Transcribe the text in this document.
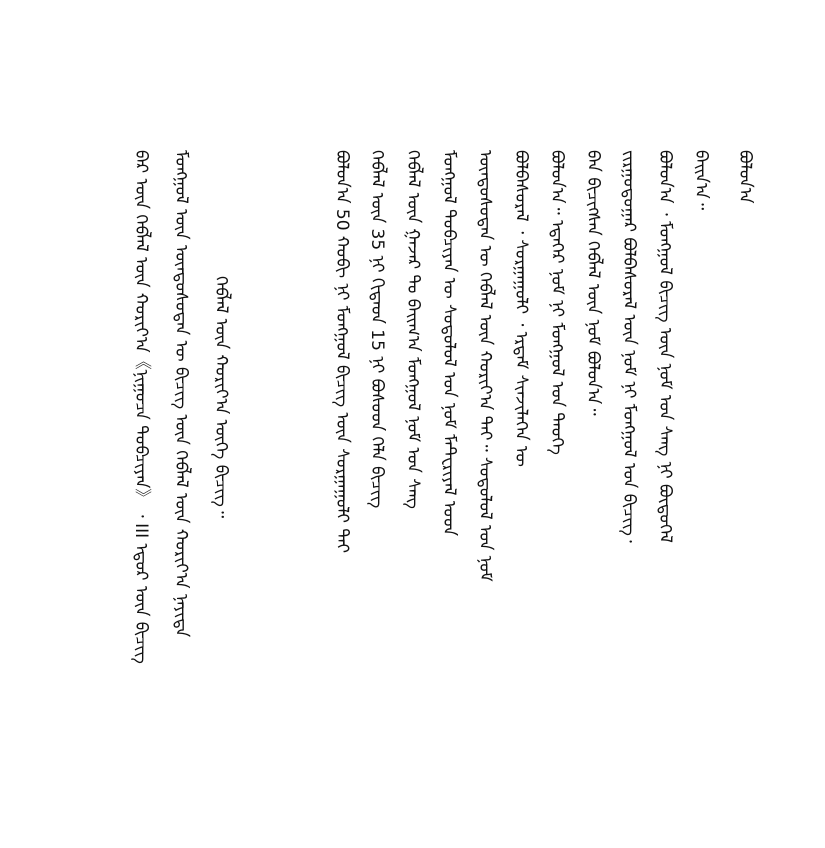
ᠪᠠᠷ ᠦᠨ ᠬᠡᠪᠯᠡᠯ ᠦᠨ ᠬᠤᠷᠢᠶ᠎ᠠ《ᠨᠢᠭᠤᠴᠠ ᠲᠣᠪᠴᠢᠶᠠᠨ》 ᠂ III ᠡᠳᠦᠷ ᠦᠨ ᠪᠢᠴᠢᠭ ᠮᠣᠩᠭᠣᠯ ᠦᠨ ᠦᠨᠳᠦᠰᠦᠲᠡᠨ ᠦ ᠪᠢᠴᠢᠭ ᠦᠨ ᠬᠡᠪᠯᠡᠯ ᠦᠨ ᠬᠣᠷᠢᠶ᠎ᠠ ᠨᠡᠶᠢᠲᠡ ᠬᠡᠪᠯᠡᠯ ᠦᠨ ᠬᠣᠷᠢᠶ᠎ᠠ ᠦᠭᠡ ᠪᠢᠴᠢᠭ᠃	ᠪᠣᠯᠤᠨ᠎ᠠ 50 ᠬᠤᠪᠢ ᠨᠢ ᠮᠣᠩᠭᠣᠯ ᠪᠢᠴᠢᠭ ᠦᠨ ᠰᠤᠷᠭᠠᠭᠤᠯᠢ ᠲᠠᠢ ᠬᠡᠪᠯᠡᠯ ᠦᠨ 35 ᠨᠢ ᠬᠢᠳᠠᠳ 15 ᠨᠢ ᠪᠤᠰᠤᠳ ᠬᠡᠯᠡ ᠪᠢᠴᠢᠭ ᠬᠡᠪᠯᠡᠯ ᠦᠨ ᠭᠠᠵᠠᠷ ᠲᠤ ᠪᠠᠢᠭ᠎ᠠ ᠮᠣᠩᠭᠣᠯ ᠨᠣᠮ ᠤᠨ ᠰᠠᠩ ᠮᠣᠩᠭᠣᠯ ᠲᠣᠪᠴᠢᠶᠠᠨ ᠦ ᠰᠤᠳᠤᠯᠤᠯ ᠤᠨ ᠨᠣᠮ ᠮᠠᠲᠧᠷᠢᠶᠠᠯ ᠤᠳ ᠦᠨᠳᠦᠰᠦᠲᠡᠨ ᠦ ᠬᠡᠪᠯᠡᠯ ᠦᠨ ᠬᠣᠷᠢᠶ᠎ᠠ ᠲᠠᠢ᠃ ᠰᠤᠳᠤᠯᠤᠯ ᠤᠨ ᠨᠣᠮ ᠪᠣᠯᠪᠠᠰᠤᠷᠠᠯ ᠂ ᠰᠤᠷᠭᠠᠭᠤᠯᠢ ᠂ ᠡᠷᠳᠡᠮ ᠰᠢᠨᠵᠢᠯᠡᠭᠡᠨ ᠦ ᠪᠣᠯᠤᠨ᠎ᠠ᠃ ᠡᠳᠡᠭᠡᠷ ᠨᠣᠮ ᠨᠢ ᠮᠣᠩᠭᠣᠯ ᠤᠨ ᠲᠡᠦᠬᠡ ᠪᠡᠨ ᠪᠢᠴᠢᠭᠰᠡᠨ ᠬᠡᠪᠯᠡᠯ ᠦᠨ ᠨᠣᠮ ᠪᠣᠯᠤᠨ᠎ᠠ᠃ ᠵᠢᠷᠭᠤᠳᠤᠭᠠᠷ ᠪᠣᠯᠪᠠᠰᠤᠷᠠᠯ ᠦᠨ ᠨᠣᠮ ᠨᠢ ᠮᠣᠩᠭᠣᠯ ᠤᠨ ᠪᠢᠴᠢᠭ᠂ ᠪᠣᠯᠤᠨ᠎ᠠ ᠂ ᠮᠣᠩᠭᠣᠯ ᠪᠢᠴᠢᠭ ᠦᠨ ᠨᠣᠮ ᠤᠨ ᠰᠠᠩ ᠨᠢ ᠪᠦᠲᠦᠭᠡᠯ ᠪᠠᠢᠨ᠎ᠠ᠃ ᠪᠣᠯᠤᠨ᠎ᠠ
